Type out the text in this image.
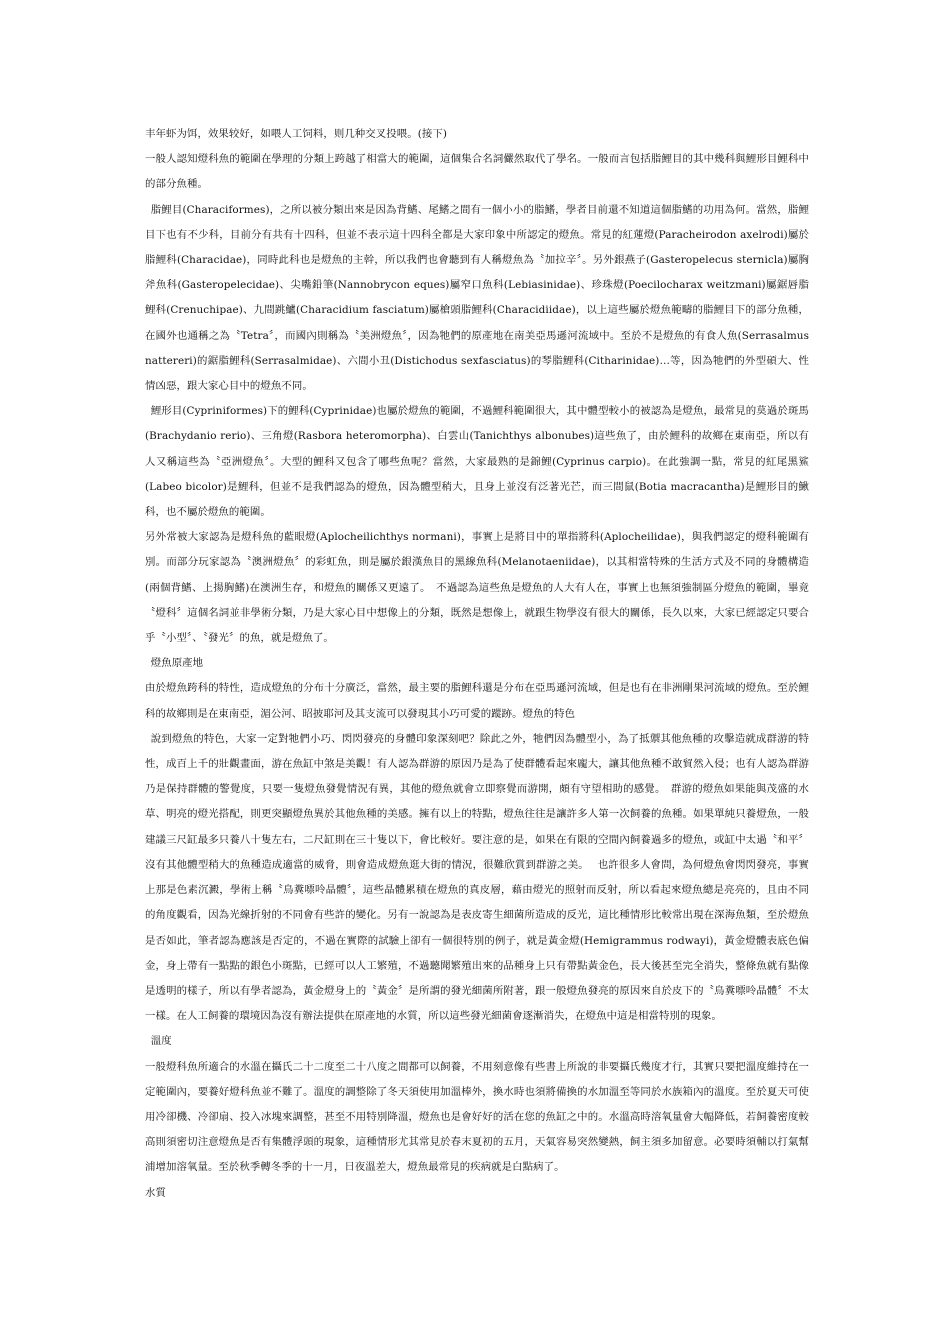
丰年虾为饵，效果较好，如喂人工饲料，则几种交叉投喂。(接下)

一般人認知燈科魚的範圍在學理的分類上跨越了相當大的範圍，這個集合名詞儼然取代了學名。一般而言包括脂鯉目的其中幾科與鯉形目鯉科中的部分魚種。

脂鯉目(Characiformes)，之所以被分類出來是因為背鰭、尾鰭之間有一個小小的脂鰭，學者目前還不知道這個脂鰭的功用為何。當然，脂鯉目下也有不少科，目前分有共有十四科，但並不表示這十四科全都是大家印象中所認定的燈魚。常見的紅蓮燈(Paracheirodon axelrodi)屬於脂鯉科(Characidae)，同時此科也是燈魚的主幹，所以我們也會聽到有人稱燈魚為〝加拉辛〞。另外銀燕子(Gasteropelecus sternicla)屬胸斧魚科(Gasteropelecidae)、尖嘴鉛筆(Nannobrycon eques)屬窄口魚科(Lebiasinidae)、珍珠燈(Poecilocharax weitzmani)屬鋸唇脂鯉科(Crenuchipae)、九間跳鱸(Characidium fasciatum)屬槍頭脂鯉科(Characidiidae)，以上這些屬於燈魚範疇的脂鯉目下的部分魚種，在國外也通稱之為〝Tetra〞，而國內則稱為〝美洲燈魚〞，因為牠們的原產地在南美亞馬遜河流域中。至於不是燈魚的有食人魚(Serrasalmus nattereri)的鋸脂鯉科(Serrasalmidae)、六間小丑(Distichodus sexfasciatus)的琴脂鯉科(Citharinidae)…等，因為牠們的外型碩大、性情凶惡，跟大家心目中的燈魚不同。

鯉形目(Cypriniformes)下的鯉科(Cyprinidae)也屬於燈魚的範圍，不過鯉科範圍很大，其中體型較小的被認為是燈魚，最常見的莫過於斑馬(Brachydanio rerio)、三角燈(Rasbora heteromorpha)、白雲山(Tanichthys albonubes)這些魚了，由於鯉科的故鄉在東南亞，所以有人又稱這些為〝亞洲燈魚〞。大型的鯉科又包含了哪些魚呢？當然，大家最熟的是錦鯉(Cyprinus carpio)。在此強調一點，常見的紅尾黑鯊(Labeo bicolor)是鯉科，但並不是我們認為的燈魚，因為體型稍大，且身上並沒有泛著光芒，而三間鼠(Botia macracantha)是鯉形目的鰍科，也不屬於燈魚的範圍。

另外常被大家認為是燈科魚的藍眼燈(Aplocheilichthys normani)，事實上是將目中的單指將科(Aplocheilidae)，與我們認定的燈科範圍有別。而部分玩家認為〝澳洲燈魚〞的彩虹魚，則是屬於銀漢魚目的黑線魚科(Melanotaeniidae)，以其相當特殊的生活方式及不同的身體構造(兩個背鰭、上揚胸鰭)在澳洲生存，和燈魚的關係又更遠了。　不過認為這些魚是燈魚的人大有人在，事實上也無須強制區分燈魚的範圍，畢竟〝燈科〞這個名詞並非學術分類，乃是大家心目中想像上的分類，既然是想像上，就跟生物學沒有很大的關係，長久以來，大家已經認定只要合乎〝小型〞、〝發光〞的魚，就是燈魚了。

燈魚原產地

由於燈魚跨科的特性，造成燈魚的分布十分廣泛，當然，最主要的脂鯉科還是分布在亞馬遜河流域，但是也有在非洲剛果河流域的燈魚。至於鯉科的故鄉則是在東南亞，湄公河、昭披耶河及其支流可以發現其小巧可愛的蹤跡。燈魚的特色

說到燈魚的特色，大家一定對牠們小巧、閃閃發亮的身體印象深刻吧？除此之外，牠們因為體型小，為了抵禦其他魚種的攻擊造就成群游的特性，成百上千的壯觀畫面，游在魚缸中煞是美觀！有人認為群游的原因乃是為了使群體看起來龐大，讓其他魚種不敢貿然入侵；也有人認為群游乃是保持群體的警覺度，只要一隻燈魚發覺情況有異，其他的燈魚就會立即察覺而游開，頗有守望相助的感覺。　群游的燈魚如果能與茂盛的水草、明亮的燈光搭配，則更突顯燈魚異於其他魚種的美感。擁有以上的特點，燈魚往往是讓許多人第一次飼養的魚種。如果單純只養燈魚，一般建議三尺缸最多只養八十隻左右，二尺缸則在三十隻以下，會比較好。要注意的是，如果在有限的空間內飼養過多的燈魚，或缸中太過〝和平〞沒有其他體型稍大的魚種造成適當的威脅，則會造成燈魚逛大街的情況，很難欣賞到群游之美。　 也許很多人會問，為何燈魚會閃閃發亮，事實上那是色素沉澱，學術上稱〝鳥糞嘌呤晶體〞，這些晶體累積在燈魚的真皮層，藉由燈光的照射而反射，所以看起來燈魚總是亮亮的，且由不同的角度觀看，因為光線折射的不同會有些許的變化。另有一說認為是表皮寄生細菌所造成的反光，這比種情形比較常出現在深海魚類，至於燈魚是否如此，筆者認為應該是否定的，不過在實際的試驗上卻有一個很特別的例子，就是黃金燈(Hemigrammus rodwayi)，黃金燈體表底色偏金，身上帶有一點點的銀色小斑點，已經可以人工繁殖，不過聽聞繁殖出來的品種身上只有帶點黃金色，長大後甚至完全消失，整條魚就有點像是透明的樣子，所以有學者認為，黃金燈身上的〝黃金〞是所謂的發光細菌所附著，跟一般燈魚發亮的原因來自於皮下的〝鳥糞嘌呤晶體〞不太一樣。在人工飼養的環境因為沒有辦法提供在原產地的水質，所以這些發光細菌會逐漸消失，在燈魚中這是相當特別的現象。

溫度

一般燈科魚所適合的水溫在攝氏二十二度至二十八度之間都可以飼養，不用刻意像有些書上所說的非要攝氏幾度才行，其實只要把溫度維持在一定範圍內，要養好燈科魚並不難了。溫度的調整除了冬天須使用加溫棒外，換水時也須將備換的水加溫至等同於水族箱內的溫度。至於夏天可使用冷卻機、冷卻扇、投入冰塊來調整，甚至不用特別降溫，燈魚也是會好好的活在您的魚缸之中的。水溫高時溶氧量會大幅降低，若飼養密度較高則須密切注意燈魚是否有集體浮頭的現象，這種情形尤其常見於春末夏初的五月，天氣容易突然變熱，飼主須多加留意。必要時須輔以打氣幫浦增加溶氧量。至於秋季轉冬季的十一月，日夜溫差大，燈魚最常見的疾病就是白點病了。

水質
